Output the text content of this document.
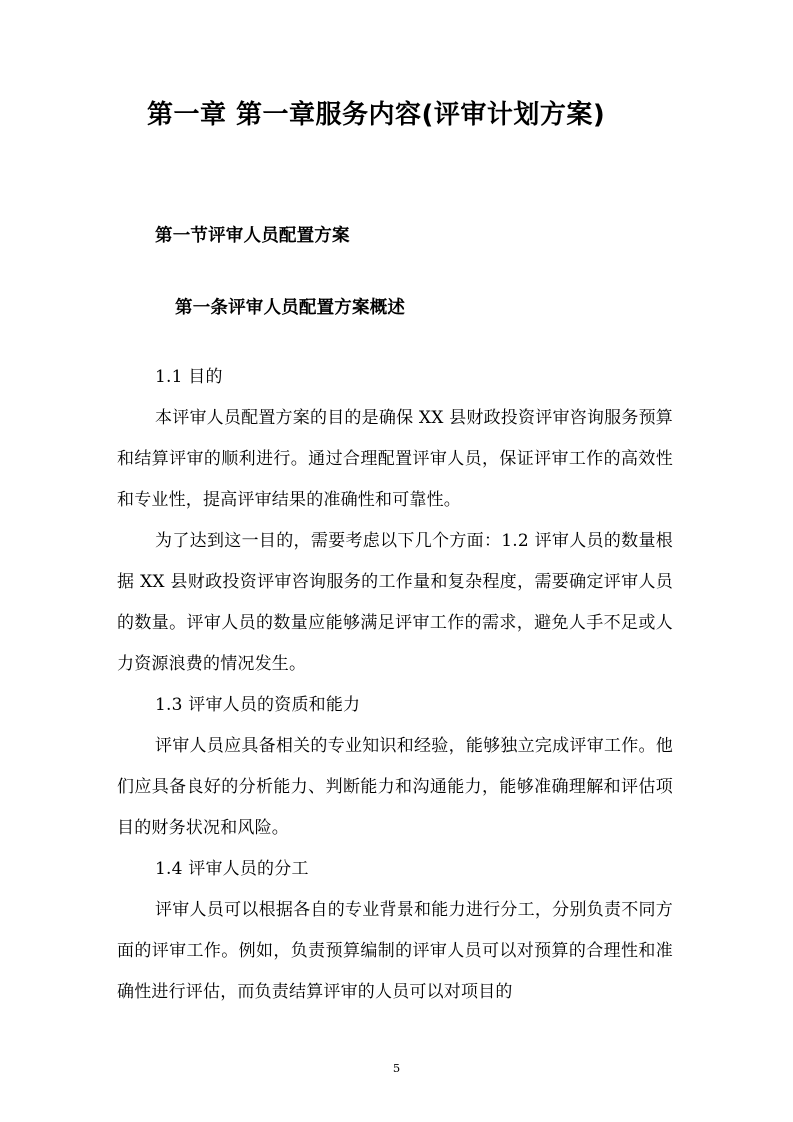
第一章 第一章服务内容(评审计划方案)
第一节评审人员配置方案
第一条评审人员配置方案概述

1.1 目的

本评审人员配置方案的目的是确保 XX 县财政投资评审咨询服务预算和结算评审的顺利进行。通过合理配置评审人员，保证评审工作的高效性和专业性，提高评审结果的准确性和可靠性。

为了达到这一目的，需要考虑以下几个方面：1.2 评审人员的数量根据 XX 县财政投资评审咨询服务的工作量和复杂程度，需要确定评审人员的数量。评审人员的数量应能够满足评审工作的需求，避免人手不足或人力资源浪费的情况发生。

1.3 评审人员的资质和能力

评审人员应具备相关的专业知识和经验，能够独立完成评审工作。他们应具备良好的分析能力、判断能力和沟通能力，能够准确理解和评估项目的财务状况和风险。

1.4 评审人员的分工

评审人员可以根据各自的专业背景和能力进行分工，分别负责不同方面的评审工作。例如，负责预算编制的评审人员可以对预算的合理性和准确性进行评估，而负责结算评审的人员可以对项目的

5
